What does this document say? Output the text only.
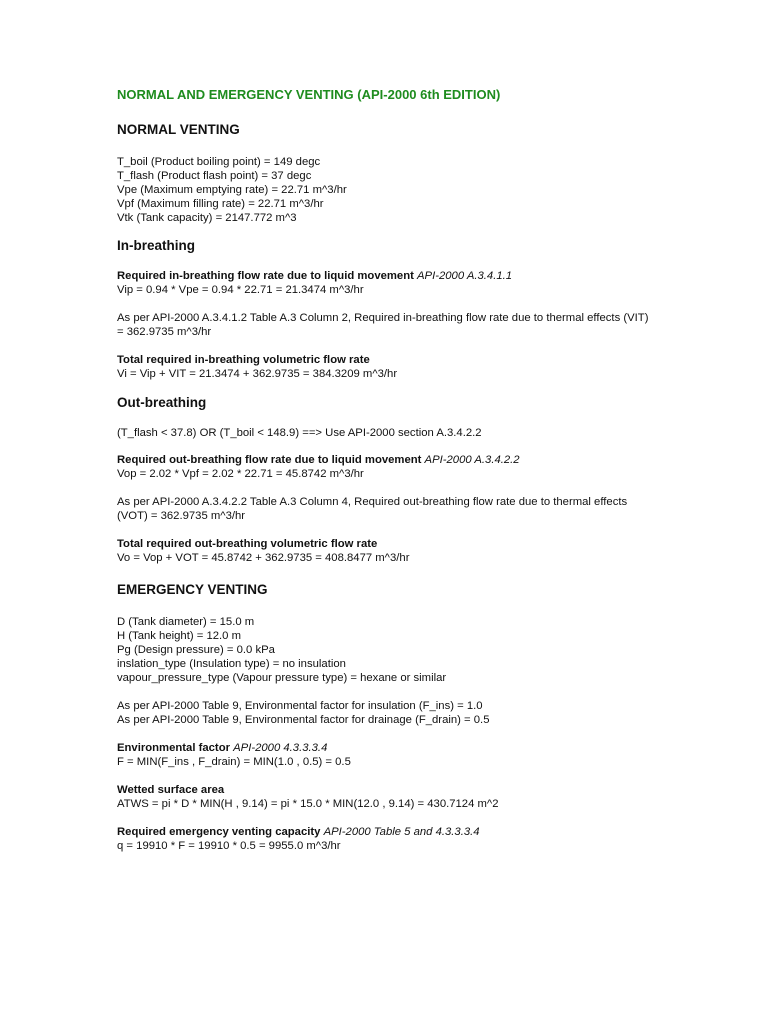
NORMAL AND EMERGENCY VENTING (API-2000 6th EDITION)
NORMAL VENTING
T_boil (Product boiling point) = 149 degc
T_flash (Product flash point) = 37 degc
Vpe (Maximum emptying rate) = 22.71 m^3/hr
Vpf (Maximum filling rate) = 22.71 m^3/hr
Vtk (Tank capacity) = 2147.772 m^3
In-breathing
Required in-breathing flow rate due to liquid movement API-2000 A.3.4.1.1
Vip = 0.94 * Vpe = 0.94 * 22.71 = 21.3474 m^3/hr
As per API-2000 A.3.4.1.2 Table A.3 Column 2, Required in-breathing flow rate due to thermal effects (VIT) = 362.9735 m^3/hr
Total required in-breathing volumetric flow rate
Vi = Vip + VIT = 21.3474 + 362.9735 = 384.3209 m^3/hr
Out-breathing
(T_flash < 37.8) OR (T_boil < 148.9) ==> Use API-2000 section A.3.4.2.2
Required out-breathing flow rate due to liquid movement API-2000 A.3.4.2.2
Vop = 2.02 * Vpf = 2.02 * 22.71 = 45.8742 m^3/hr
As per API-2000 A.3.4.2.2 Table A.3 Column 4, Required out-breathing flow rate due to thermal effects (VOT) = 362.9735 m^3/hr
Total required out-breathing volumetric flow rate
Vo = Vop + VOT = 45.8742 + 362.9735 = 408.8477 m^3/hr
EMERGENCY VENTING
D (Tank diameter) = 15.0 m
H (Tank height) = 12.0 m
Pg (Design pressure) = 0.0 kPa
inslation_type (Insulation type) = no insulation
vapour_pressure_type (Vapour pressure type) = hexane or similar
As per API-2000 Table 9, Environmental factor for insulation (F_ins) = 1.0
As per API-2000 Table 9, Environmental factor for drainage (F_drain) = 0.5
Environmental factor API-2000 4.3.3.3.4
F = MIN(F_ins , F_drain) = MIN(1.0 , 0.5) = 0.5
Wetted surface area
ATWS = pi * D * MIN(H , 9.14) = pi * 15.0 * MIN(12.0 , 9.14) = 430.7124 m^2
Required emergency venting capacity API-2000 Table 5 and 4.3.3.3.4
q = 19910 * F = 19910 * 0.5 = 9955.0 m^3/hr
